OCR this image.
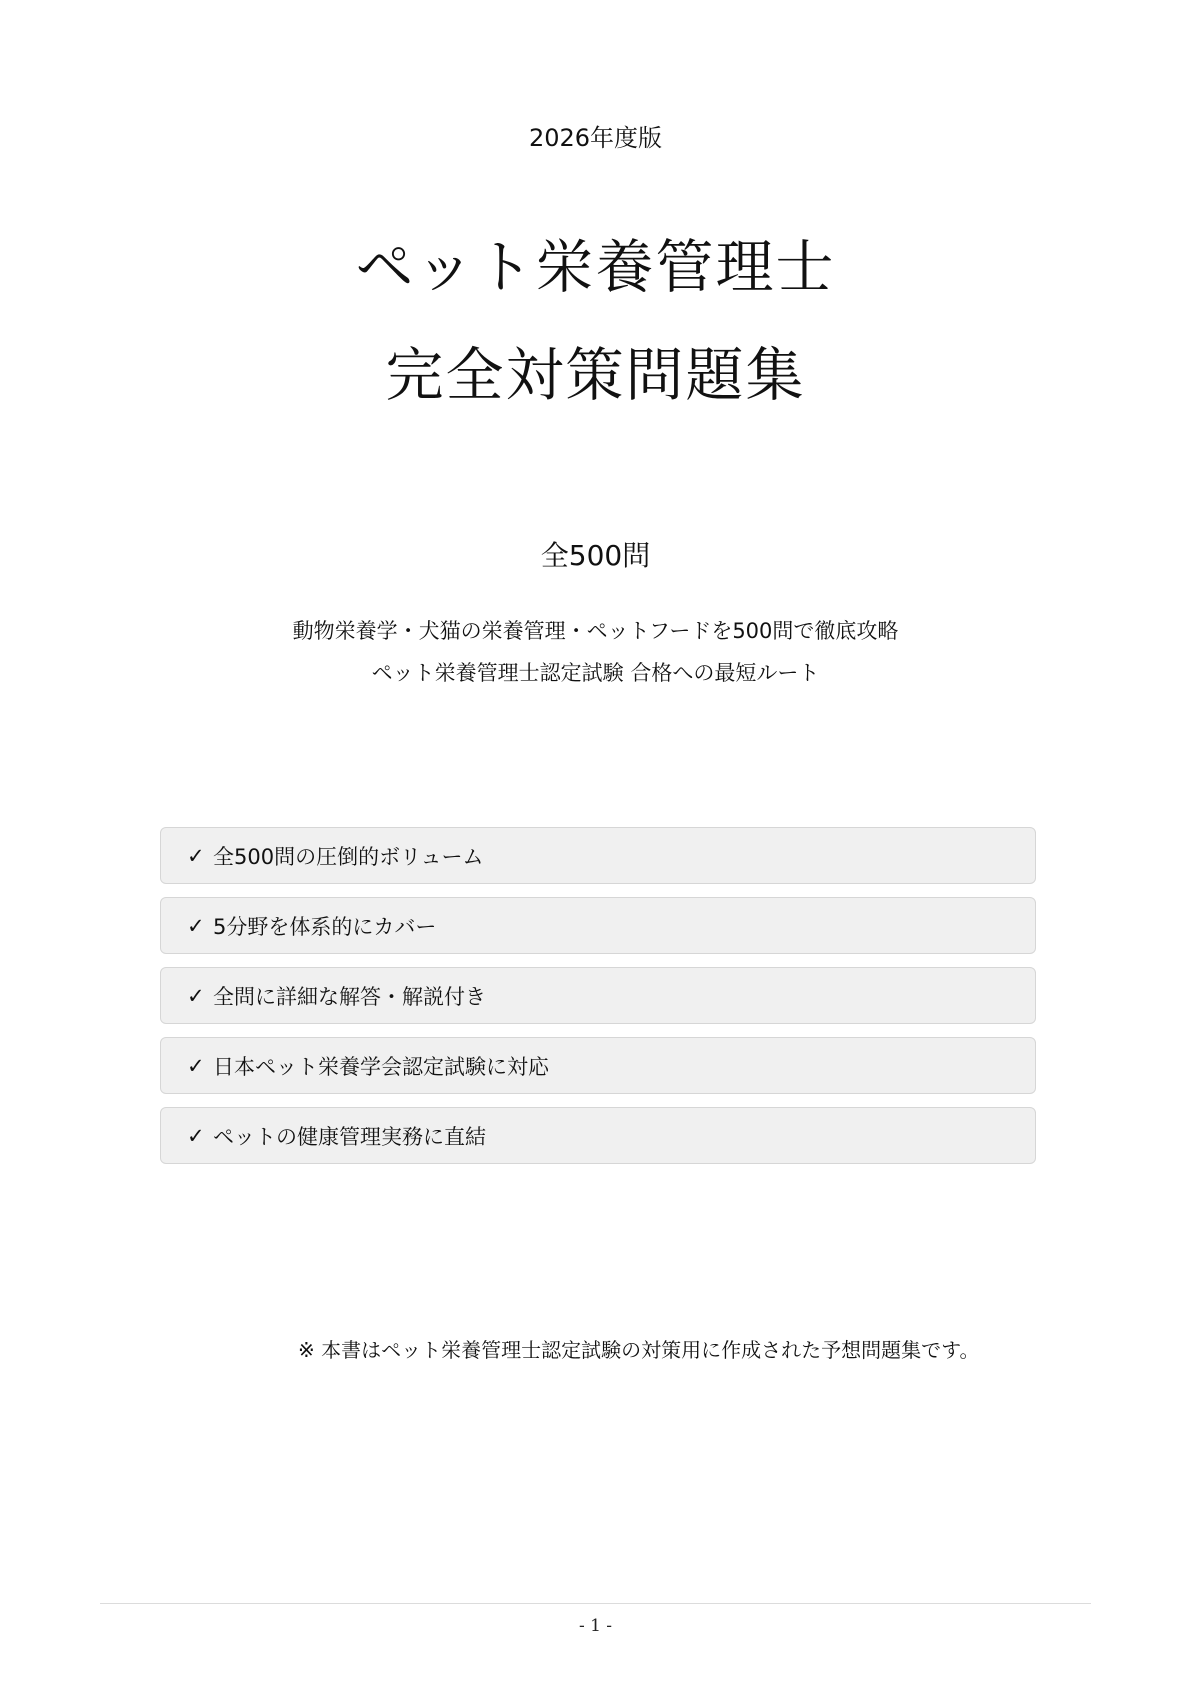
2026年度版
ペット栄養管理士
完全対策問題集
全500問
動物栄養学・犬猫の栄養管理・ペットフードを500問で徹底攻略
ペット栄養管理士認定試験 合格への最短ルート
✓ 全500問の圧倒的ボリューム
✓ 5分野を体系的にカバー
✓ 全問に詳細な解答・解説付き
✓ 日本ペット栄養学会認定試験に対応
✓ ペットの健康管理実務に直結
※ 本書はペット栄養管理士認定試験の対策用に作成された予想問題集です。
- 1 -
